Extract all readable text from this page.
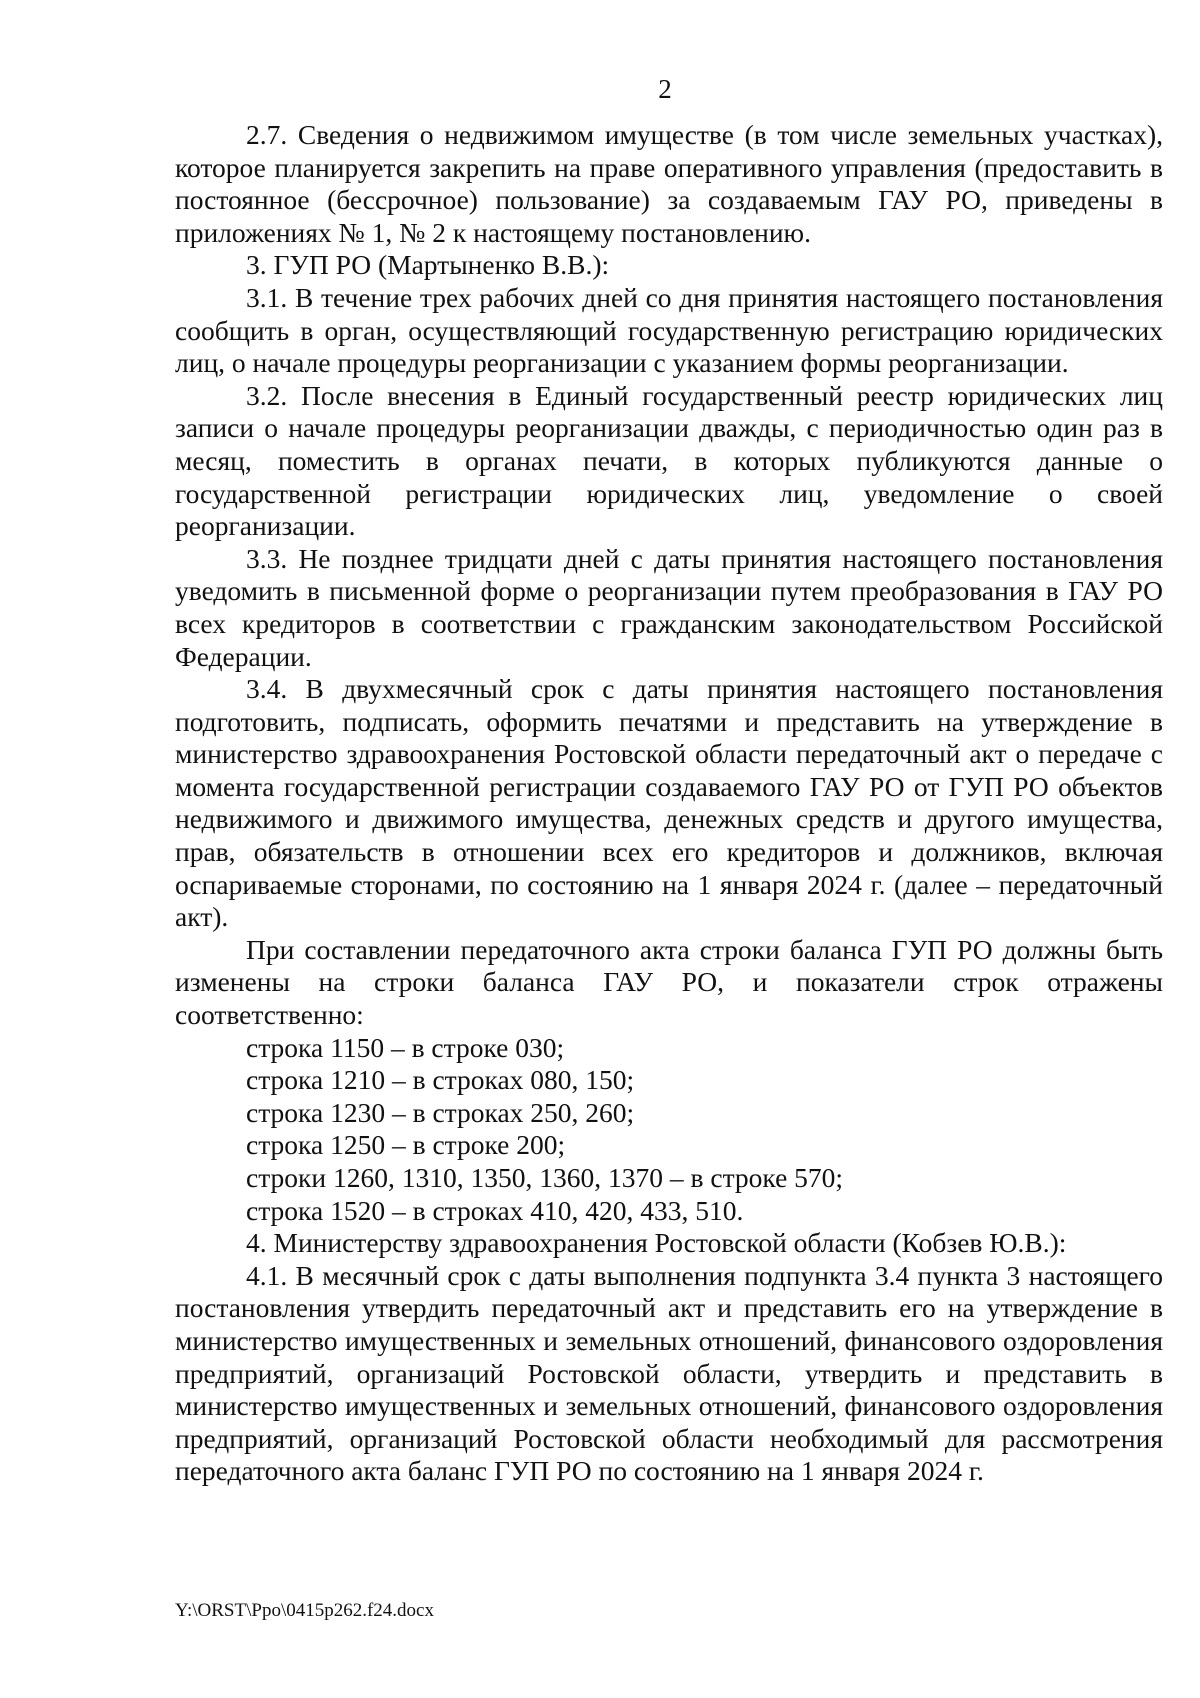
2

2.7. Сведения о недвижимом имуществе (в том числе земельных участках), которое планируется закрепить на праве оперативного управления (предоставить в постоянное (бессрочное) пользование) за создаваемым ГАУ РО, приведены в приложениях № 1, № 2 к настоящему постановлению.

3. ГУП РО (Мартыненко В.В.):

3.1. В течение трех рабочих дней со дня принятия настоящего постановления сообщить в орган, осуществляющий государственную регистрацию юридических лиц, о начале процедуры реорганизации с указанием формы реорганизации.

3.2. После внесения в Единый государственный реестр юридических лиц записи о начале процедуры реорганизации дважды, с периодичностью один раз в месяц, поместить в органах печати, в которых публикуются данные о государственной регистрации юридических лиц, уведомление о своей реорганизации.

3.3. Не позднее тридцати дней с даты принятия настоящего постановления уведомить в письменной форме о реорганизации путем преобразования в ГАУ РО всех кредиторов в соответствии с гражданским законодательством Российской Федерации.

3.4. В двухмесячный срок с даты принятия настоящего постановления подготовить, подписать, оформить печатями и представить на утверждение в министерство здравоохранения Ростовской области передаточный акт о передаче с момента государственной регистрации создаваемого ГАУ РО от ГУП РО объектов недвижимого и движимого имущества, денежных средств и другого имущества, прав, обязательств в отношении всех его кредиторов и должников, включая оспариваемые сторонами, по состоянию на 1 января 2024 г. (далее – передаточный акт).

При составлении передаточного акта строки баланса ГУП РО должны быть изменены на строки баланса ГАУ РО, и показатели строк отражены соответственно:

строка 1150 – в строке 030;

строка 1210 – в строках 080, 150;

строка 1230 – в строках 250, 260;

строка 1250 – в строке 200;

строки 1260, 1310, 1350, 1360, 1370 – в строке 570;

строка 1520 – в строках 410, 420, 433, 510.

4. Министерству здравоохранения Ростовской области (Кобзев Ю.В.):

4.1. В месячный срок с даты выполнения подпункта 3.4 пункта 3 настоящего постановления утвердить передаточный акт и представить его на утверждение в министерство имущественных и земельных отношений, финансового оздоровления предприятий, организаций Ростовской области, утвердить и представить в министерство имущественных и земельных отношений, финансового оздоровления предприятий, организаций Ростовской области необходимый для рассмотрения передаточного акта баланс ГУП РО по состоянию на 1 января 2024 г.

Y:\ORST\Ppo\0415p262.f24.docx
